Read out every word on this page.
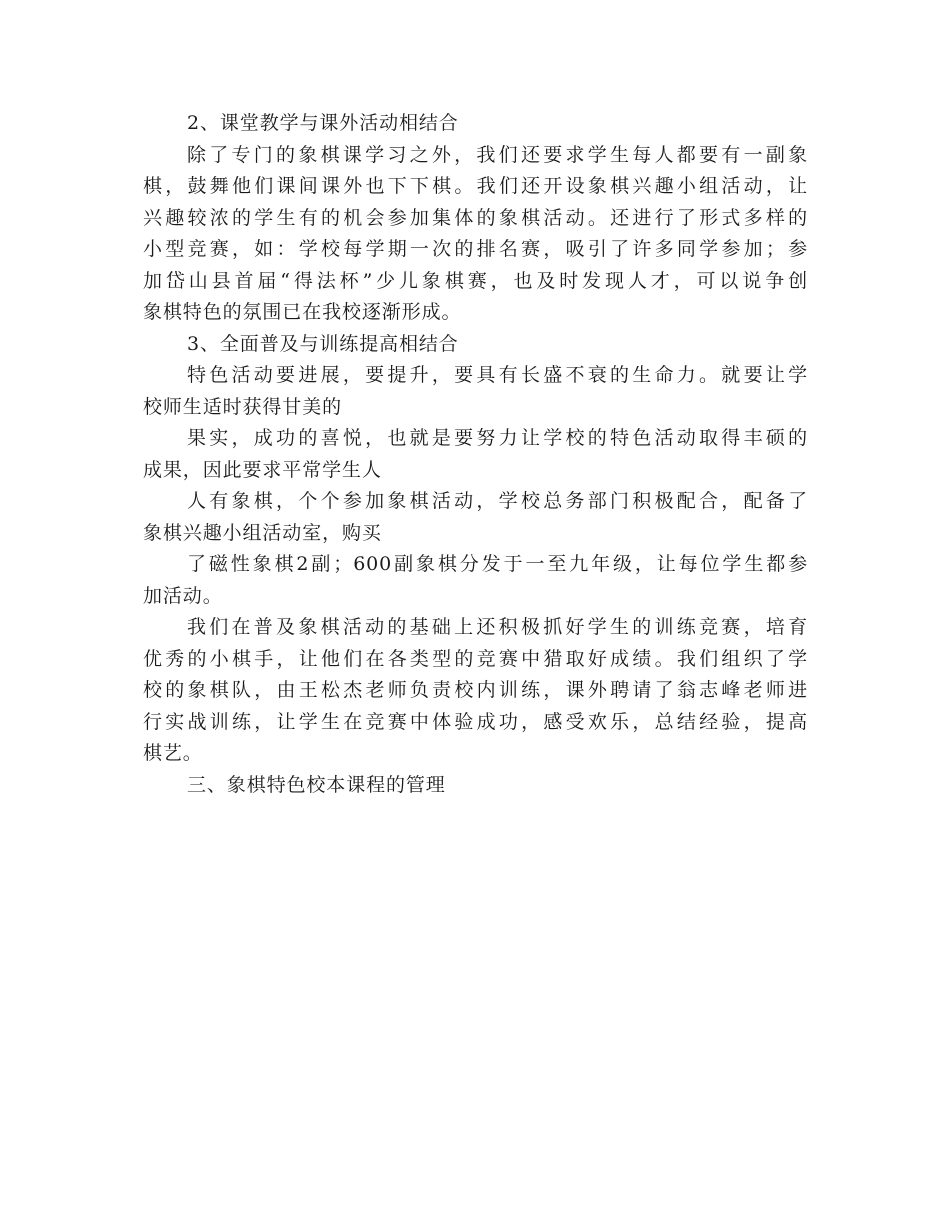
2、课堂教学与课外活动相结合
除了专门的象棋课学习之外，我们还要求学生每人都要有一副象
棋，鼓舞他们课间课外也下下棋。我们还开设象棋兴趣小组活动，让
兴趣较浓的学生有的机会参加集体的象棋活动。还进行了形式多样的
小型竞赛，如：学校每学期一次的排名赛，吸引了许多同学参加；参
加岱山县首届“得法杯”少儿象棋赛，也及时发现人才，可以说争创
象棋特色的氛围已在我校逐渐形成。
3、全面普及与训练提高相结合
特色活动要进展，要提升，要具有长盛不衰的生命力。就要让学
校师生适时获得甘美的
果实，成功的喜悦，也就是要努力让学校的特色活动取得丰硕的
成果，因此要求平常学生人
人有象棋，个个参加象棋活动，学校总务部门积极配合，配备了
象棋兴趣小组活动室，购买
了磁性象棋2副；600副象棋分发于一至九年级，让每位学生都参
加活动。
我们在普及象棋活动的基础上还积极抓好学生的训练竞赛，培育
优秀的小棋手，让他们在各类型的竞赛中猎取好成绩。我们组织了学
校的象棋队，由王松杰老师负责校内训练，课外聘请了翁志峰老师进
行实战训练，让学生在竞赛中体验成功，感受欢乐，总结经验，提高
棋艺。
三、象棋特色校本课程的管理
